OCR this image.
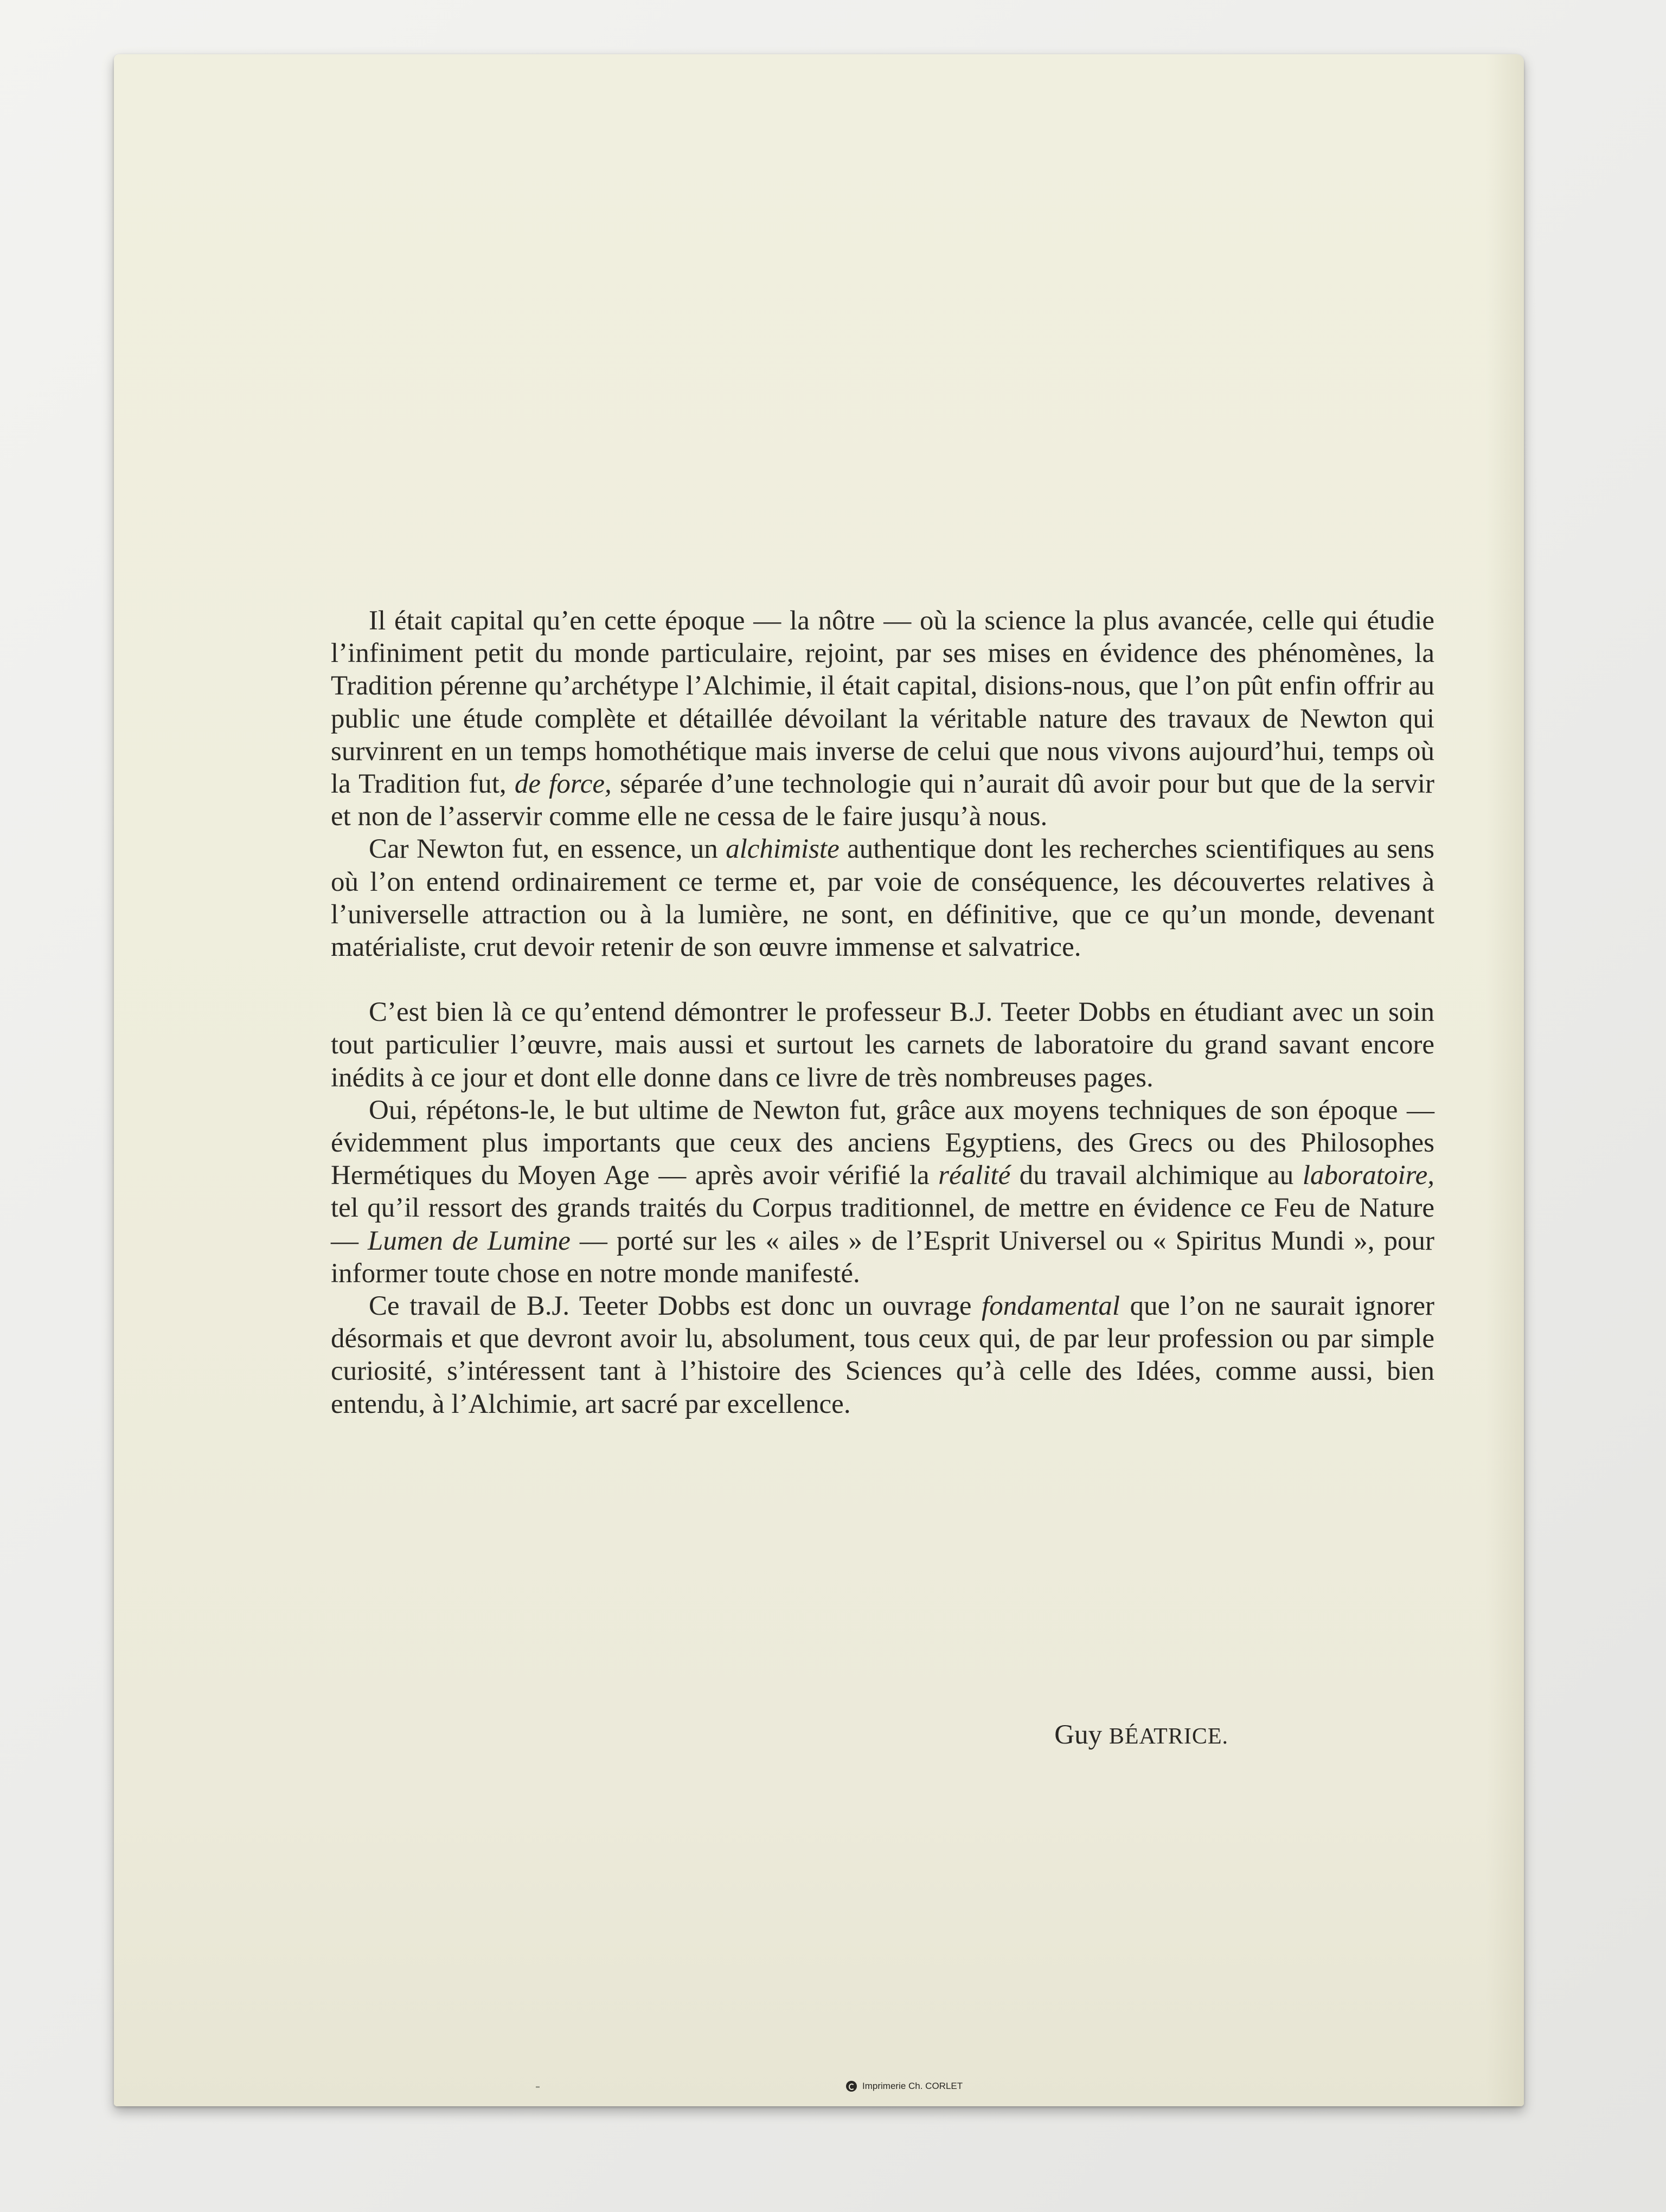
Il était capital qu’en cette époque — la nôtre — où la science la plus avancée, celle qui étudie l’infiniment petit du monde particulaire, rejoint, par ses mises en évidence des phénomènes, la Tradition pérenne qu’archétype l’Alchimie, il était capital, disions-nous, que l’on pût enfin offrir au public une étude complète et détaillée dévoilant la véritable nature des travaux de Newton qui survinrent en un temps homothétique mais inverse de celui que nous vivons aujourd’hui, temps où la Tradition fut, de force, séparée d’une technologie qui n’aurait dû avoir pour but que de la servir et non de l’asservir comme elle ne cessa de le faire jusqu’à nous.

Car Newton fut, en essence, un alchimiste authentique dont les recherches scientifiques au sens où l’on entend ordinairement ce terme et, par voie de conséquence, les découvertes relatives à l’universelle attraction ou à la lumière, ne sont, en définitive, que ce qu’un monde, devenant matérialiste, crut devoir retenir de son œuvre immense et salvatrice.

C’est bien là ce qu’entend démontrer le professeur B.J. Teeter Dobbs en étudiant avec un soin tout particulier l’œuvre, mais aussi et surtout les carnets de laboratoire du grand savant encore inédits à ce jour et dont elle donne dans ce livre de très nombreuses pages.

Oui, répétons-le, le but ultime de Newton fut, grâce aux moyens techniques de son époque — évidemment plus importants que ceux des anciens Egyptiens, des Grecs ou des Philosophes Hermétiques du Moyen Age — après avoir vérifié la réalité du travail alchimique au laboratoire, tel qu’il ressort des grands traités du Corpus traditionnel, de mettre en évidence ce Feu de Nature — Lumen de Lumine — porté sur les « ailes » de l’Esprit Universel ou « Spiritus Mundi », pour informer toute chose en notre monde manifesté.

Ce travail de B.J. Teeter Dobbs est donc un ouvrage fondamental que l’on ne saurait ignorer désormais et que devront avoir lu, absolument, tous ceux qui, de par leur profession ou par simple curiosité, s’intéressent tant à l’histoire des Sciences qu’à celle des Idées, comme aussi, bien entendu, à l’Alchimie, art sacré par excellence.

Guy BÉATRICE.
Imprimerie Ch. CORLET
